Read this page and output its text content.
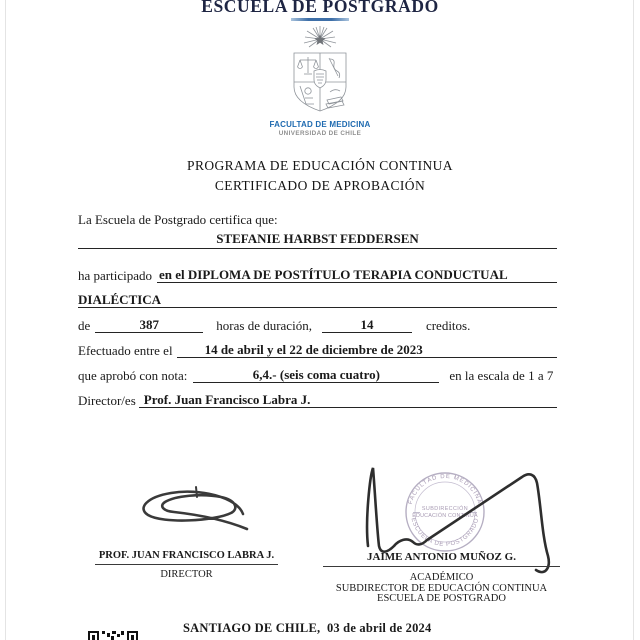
ESCUELA DE POSTGRADO
FACULTAD DE MEDICINA
UNIVERSIDAD DE CHILE
PROGRAMA DE EDUCACIÓN CONTINUA
CERTIFICADO DE APROBACIÓN
La Escuela de Postgrado certifica que:
STEFANIE HARBST FEDDERSEN
ha participado en el DIPLOMA DE POSTÍTULO TERAPIA CONDUCTUAL
DIALÉCTICA
de	387	horas de duración,	14	creditos.
Efectuado entre el	14 de abril y el 22 de diciembre de 2023
que aprobó con nota:	6,4.- (seis coma cuatro)	en la escala de 1 a 7
Director/es Prof. Juan Francisco Labra J.
FACULTAD DE MEDICINA
ESCUELA DE POSTGRADO
SUBDIRECCIÓN
EDUCACIÓN CONTINUA
PROF. JUAN FRANCISCO LABRA J.
DIRECTOR
JAIME ANTONIO MUÑOZ G.
ACADÉMICO
SUBDIRECTOR DE EDUCACIÓN CONTINUA
ESCUELA DE POSTGRADO
SANTIAGO DE CHILE,  03 de abril de 2024
